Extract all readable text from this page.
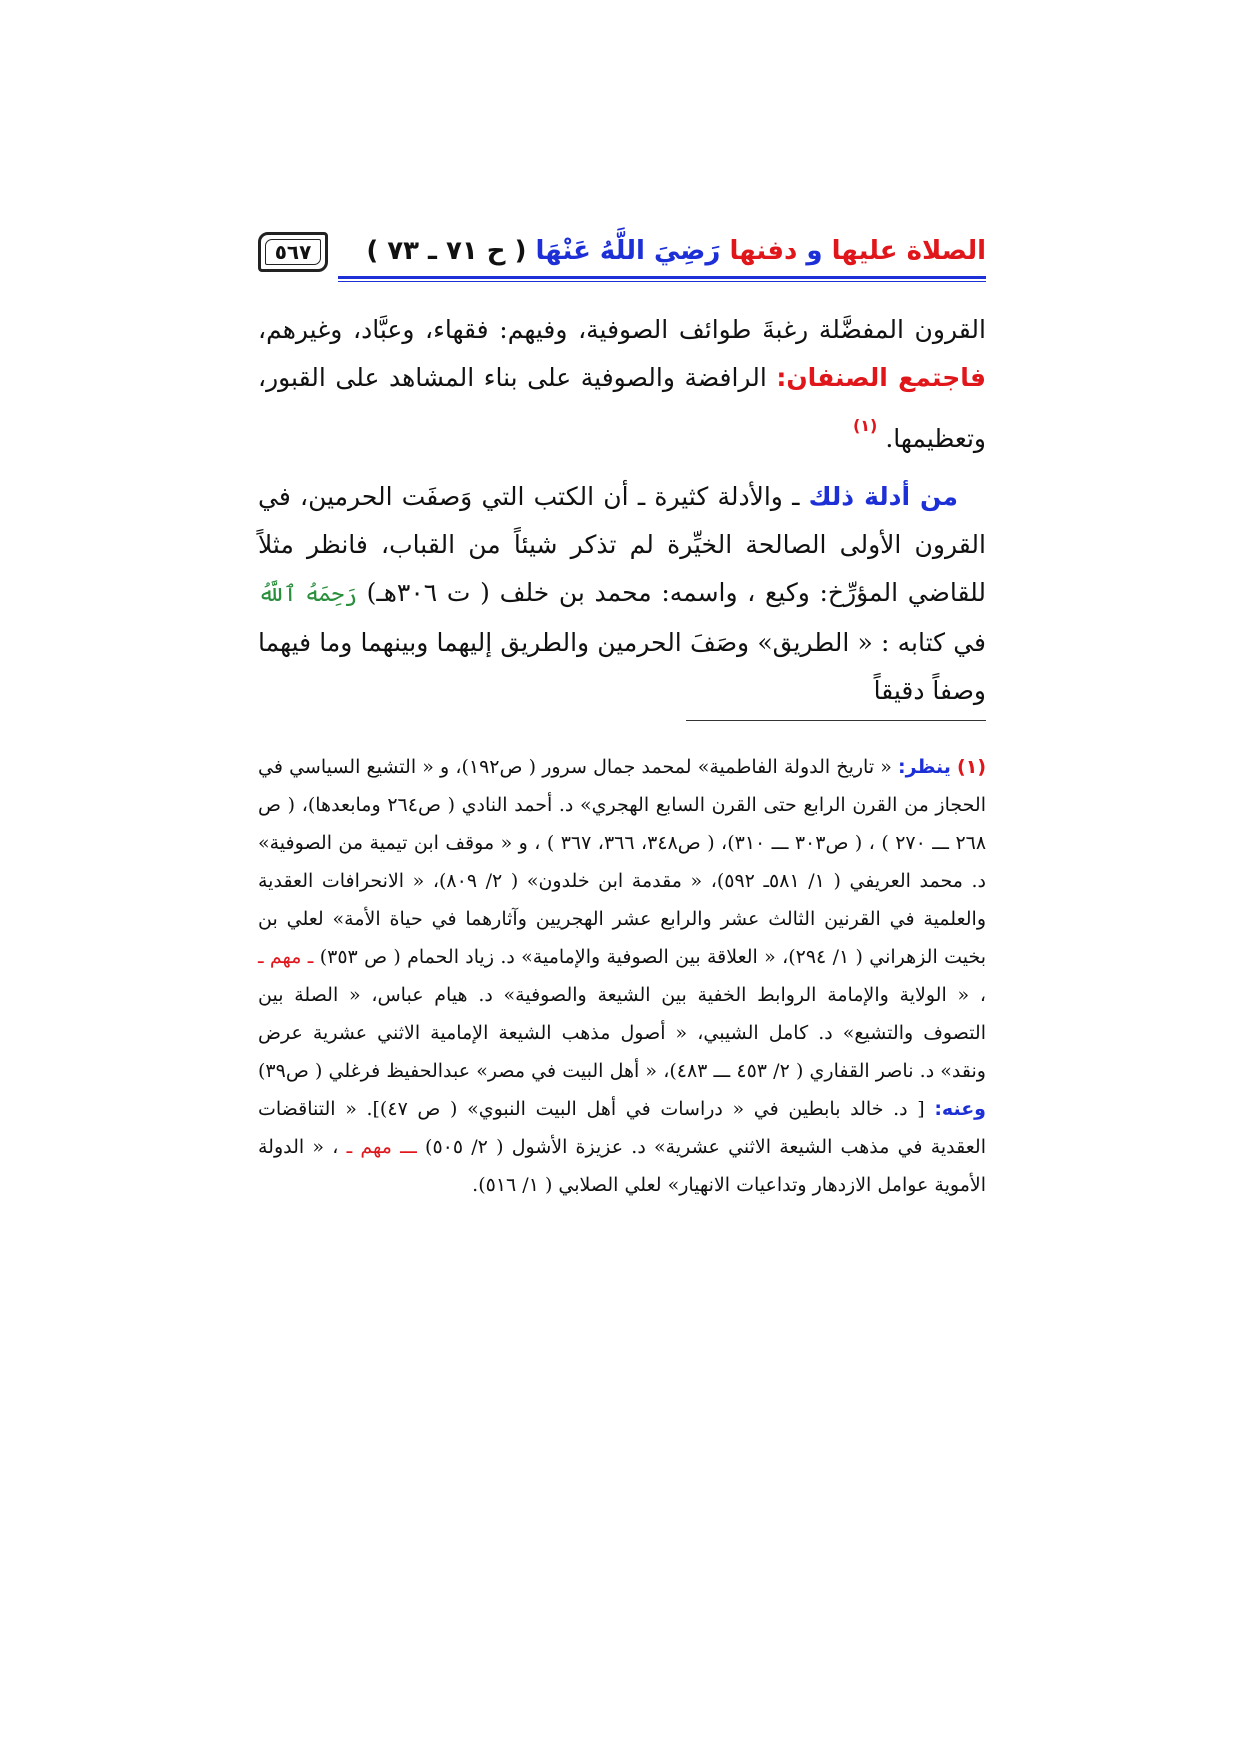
الصلاة عليها و دفنها رَضِيَ اللَّهُ عَنْهَا ( ح ٧١ ـ ٧٣ )
٥٦٧

القرون المفضَّلة رغبةَ طوائف الصوفية، وفيهم: فقهاء، وعبَّاد، وغيرهم، فاجتمع الصنفان: الرافضة والصوفية على بناء المشاهد على القبور، وتعظيمها. $^{(١)}$

من أدلة ذلك ـ والأدلة كثيرة ـ أن الكتب التي وَصفَت الحرمين، في القرون الأولى الصالحة الخيِّرة لم تذكر شيئاً من القباب، فانظر مثلاً للقاضي المؤرِّخ: وكيع ، واسمه: محمد بن خلف ( ت ٣٠٦هـ) رَحِمَهُ ٱللَّهُ في كتابه : « الطريق» وصَفَ الحرمين والطريق إليهما وبينهما وما فيهما وصفاً دقيقاً

(١) ينظر: « تاريخ الدولة الفاطمية» لمحمد جمال سرور ( ص١٩٢)، و « التشيع السياسي في الحجاز من القرن الرابع حتى القرن السابع الهجري» د. أحمد النادي ( ص٢٦٤ ومابعدها)، ( ص ٢٦٨ ـــ ٢٧٠ ) ، ( ص٣٠٣ ـــ ٣١٠)، ( ص٣٤٨، ٣٦٦، ٣٦٧ ) ، و « موقف ابن تيمية من الصوفية» د. محمد العريفي ( ١/ ٥٨١ـ ٥٩٢)، « مقدمة ابن خلدون» ( ٢/ ٨٠٩)، « الانحرافات العقدية والعلمية في القرنين الثالث عشر والرابع عشر الهجريين وآثارهما في حياة الأمة» لعلي بن بخيت الزهراني ( ١/ ٢٩٤)، « العلاقة بين الصوفية والإمامية» د. زياد الحمام ( ص ٣٥٣) ـ مهم ـ ، « الولاية والإمامة الروابط الخفية بين الشيعة والصوفية» د. هيام عباس، « الصلة بين التصوف والتشيع» د. كامل الشيبي، « أصول مذهب الشيعة الإمامية الاثني عشرية عرض ونقد» د. ناصر القفاري ( ٢/ ٤٥٣ ـــ ٤٨٣)، « أهل البيت في مصر» عبدالحفيظ فرغلي ( ص٣٩) وعنه: [ د. خالد بابطين في « دراسات في أهل البيت النبوي» ( ص ٤٧)]. « التناقضات العقدية في مذهب الشيعة الاثني عشرية» د. عزيزة الأشول ( ٢/ ٥٠٥) ـــ مهم ـ ، « الدولة الأموية عوامل الازدهار وتداعيات الانهيار» لعلي الصلابي ( ١/ ٥١٦).
